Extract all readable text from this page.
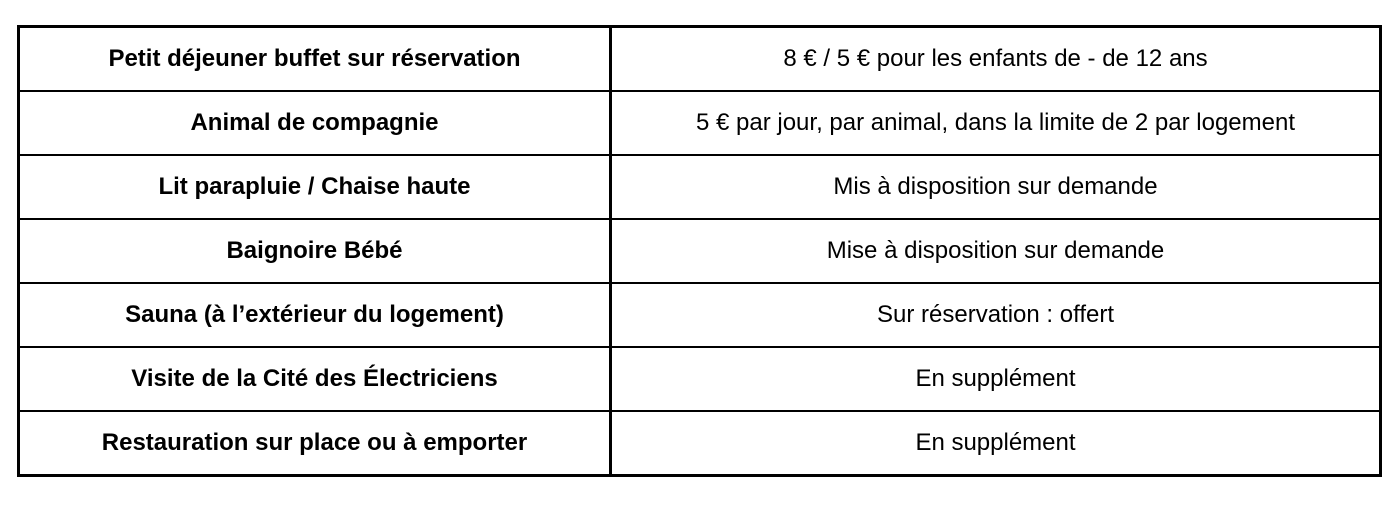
Petit déjeuner buffet sur réservation	8 € / 5 € pour les enfants de - de 12 ans
Animal de compagnie	5 € par jour, par animal, dans la limite de 2 par logement
Lit parapluie / Chaise haute	Mis à disposition sur demande
Baignoire Bébé	Mise à disposition sur demande
Sauna (à l’extérieur du logement)	Sur réservation : offert
Visite de la Cité des Électriciens	En supplément
Restauration sur place ou à emporter	En supplément
